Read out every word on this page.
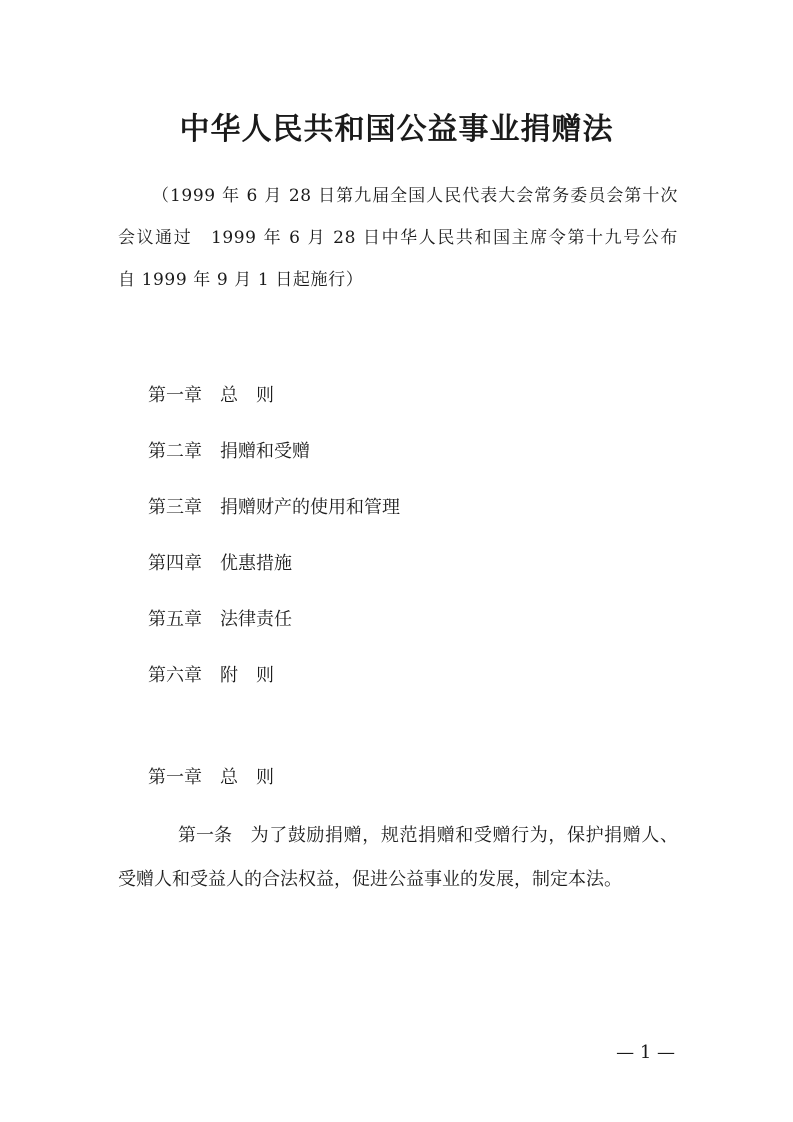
中华人民共和国公益事业捐赠法

（1999 年 6 月 28 日第九届全国人民代表大会常务委员会第十次会议通过　1999 年 6 月 28 日中华人民共和国主席令第十九号公布　自 1999 年 9 月 1 日起施行）

第一章 总　则
第二章 捐赠和受赠
第三章 捐赠财产的使用和管理
第四章 优惠措施
第五章 法律责任
第六章 附　则
第一章 总　则

第一条 为了鼓励捐赠，规范捐赠和受赠行为，保护捐赠人、受赠人和受益人的合法权益，促进公益事业的发展，制定本法。

— 1 —
